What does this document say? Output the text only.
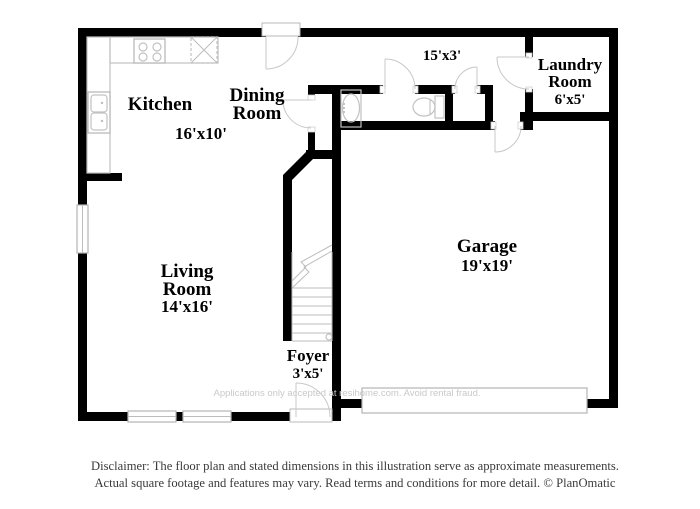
Kitchen
16'x10'
Dining
Room
15'x3'	Laundry
Room
6'x5'
Living
Room
14'x16'
Garage
19'x19'
Foyer
3'x5'
Applications only accepted at resihome.com. Avoid rental fraud.
Disclaimer: The floor plan and stated dimensions in this illustration serve as approximate measurements.
Actual square footage and features may vary. Read terms and conditions for more detail. © PlanOmatic
